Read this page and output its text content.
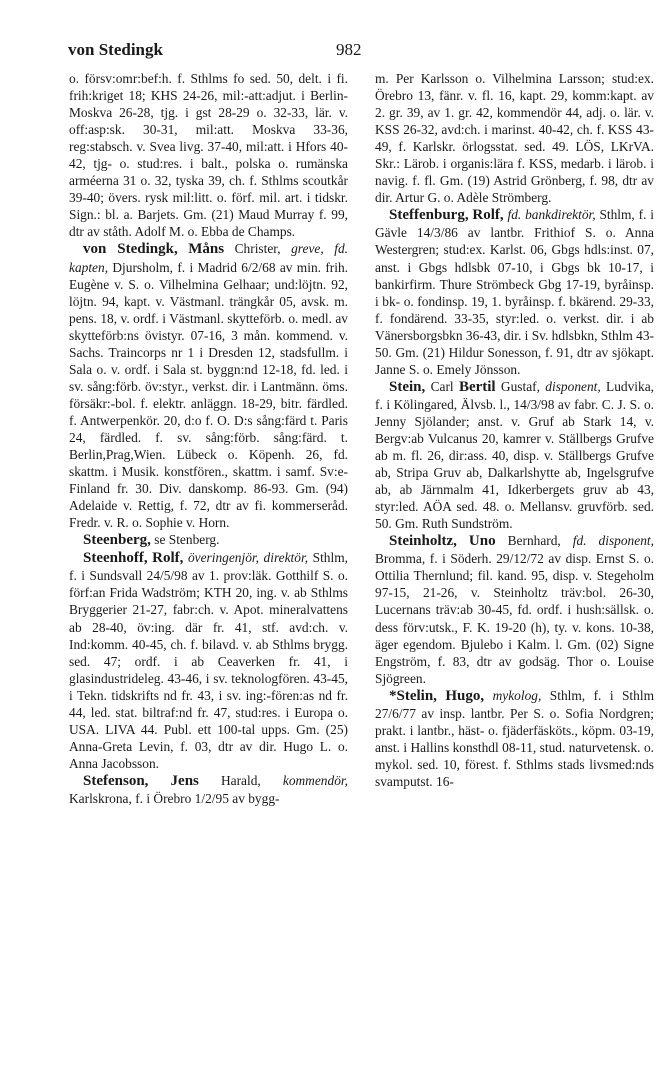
von Stedingk	982

o. försv:omr:bef:h. f. Sthlms fo sed. 50, delt. i fi. frih:kriget 18; KHS 24-26, mil:-att:adjut. i Berlin-Moskva 26-28, tjg. i gst 28-29 o. 32-33, lär. v. off:asp:sk. 30-31, mil:att. Moskva 33-36, reg:stabsch. v. Svea livg. 37-40, mil:att. i Hfors 40-42, tjg- o. stud:res. i balt., polska o. rumänska arméerna 31 o. 32, tyska 39, ch. f. Sthlms scoutkår 39-40; övers. rysk mil:litt. o. förf. mil. art. i tidskr. Sign.: bl. a. Barjets. Gm. (21) Maud Murray f. 99, dtr av ståth. Adolf M. o. Ebba de Champs.

von Stedingk, Måns Christer, greve, fd. kapten, Djursholm, f. i Madrid 6/2/68 av min. frih. Eugène v. S. o. Vilhelmina Gelhaar; und:löjtn. 92, löjtn. 94, kapt. v. Västmanl. trängkår 05, avsk. m. pens. 18, v. ordf. i Västmanl. skytteförb. o. medl. av skytteförb:ns övistyr. 07-16, 3 mån. kommend. v. Sachs. Traincorps nr 1 i Dresden 12, stadsfullm. i Sala o. v. ordf. i Sala st. byggn:nd 12-18, fd. led. i sv. sång:förb. öv:styr., verkst. dir. i Lantmänn. öms. försäkr:-bol. f. elektr. anläggn. 18-29, bitr. färdled. f. Antwerpenkör. 20, d:o f. O. D:s sång:färd t. Paris 24, färdled. f. sv. sång:förb. sång:färd. t. Berlin,Prag,Wien. Lübeck o. Köpenh. 26, fd. skattm. i Musik. konstfören., skattm. i samf. Sv:e-Finland fr. 30. Div. danskomp. 86-93. Gm. (94) Adelaide v. Rettig, f. 72, dtr av fi. kommerseråd. Fredr. v. R. o. Sophie v. Horn.

Steenberg, se Stenberg.

Steenhoff, Rolf, överingenjör, direktör, Sthlm, f. i Sundsvall 24/5/98 av 1. prov:läk. Gotthilf S. o. förf:an Frida Wadström; KTH 20, ing. v. ab Sthlms Bryggerier 21-27, fabr:ch. v. Apot. mineralvattens ab 28-40, öv:ing. där fr. 41, stf. avd:ch. v. Ind:komm. 40-45, ch. f. bilavd. v. ab Sthlms brygg. sed. 47; ordf. i ab Ceaverken fr. 41, i glasindustrideleg. 43-46, i sv. teknologfören. 43-45, i Tekn. tidskrifts nd fr. 43, i sv. ing:-fören:as nd fr. 44, led. stat. biltraf:nd fr. 47, stud:res. i Europa o. USA. LIVA 44. Publ. ett 100-tal upps. Gm. (25) Anna-Greta Levin, f. 03, dtr av dir. Hugo L. o. Anna Jacobsson.

Stefenson, Jens Harald, kommendör, Karlskrona, f. i Örebro 1/2/95 av bygg-

m. Per Karlsson o. Vilhelmina Larsson; stud:ex. Örebro 13, fänr. v. fl. 16, kapt. 29, komm:kapt. av 2. gr. 39, av 1. gr. 42, kommendör 44, adj. o. lär. v. KSS 26-32, avd:ch. i marinst. 40-42, ch. f. KSS 43-49, f. Karlskr. örlogsstat. sed. 49. LÖS, LKrVA. Skr.: Lärob. i organis:lära f. KSS, medarb. i lärob. i navig. f. fl. Gm. (19) Astrid Grönberg, f. 98, dtr av dir. Artur G. o. Adèle Strömberg.

Steffenburg, Rolf, fd. bankdirektör, Sthlm, f. i Gävle 14/3/86 av lantbr. Frithiof S. o. Anna Westergren; stud:ex. Karlst. 06, Gbgs hdls:inst. 07, anst. i Gbgs hdlsbk 07-10, i Gbgs bk 10-17, i bankirfirm. Thure Strömbeck Gbg 17-19, byråinsp. i bk- o. fondinsp. 19, 1. byråinsp. f. bkärend. 29-33, f. fondärend. 33-35, styr:led. o. verkst. dir. i ab Vänersborgsbkn 36-43, dir. i Sv. hdlsbkn, Sthlm 43-50. Gm. (21) Hildur Sonesson, f. 91, dtr av sjökapt. Janne S. o. Emely Jönsson.

Stein, Carl Bertil Gustaf, disponent, Ludvika, f. i Kölingared, Älvsb. l., 14/3/98 av fabr. C. J. S. o. Jenny Sjölander; anst. v. Gruf ab Stark 14, v. Bergv:ab Vulcanus 20, kamrer v. Ställbergs Grufve ab m. fl. 26, dir:ass. 40, disp. v. Ställbergs Grufve ab, Stripa Gruv ab, Dalkarlshytte ab, Ingelsgrufve ab, ab Järnmalm 41, Idkerbergets gruv ab 43, styr:led. AÖA sed. 48. o. Mellansv. gruvförb. sed. 50. Gm. Ruth Sundström.

Steinholtz, Uno Bernhard, fd. disponent, Bromma, f. i Söderh. 29/12/72 av disp. Ernst S. o. Ottilia Thernlund; fil. kand. 95, disp. v. Stegeholm 97-15, 21-26, v. Steinholtz träv:bol. 26-30, Lucernans träv:ab 30-45, fd. ordf. i hush:sällsk. o. dess förv:utsk., F. K. 19-20 (h), ty. v. kons. 10-38, äger egendom. Bjulebo i Kalm. l. Gm. (02) Signe Engström, f. 83, dtr av godsäg. Thor o. Louise Sjögreen.

*Stelin, Hugo, mykolog, Sthlm, f. i Sthlm 27/6/77 av insp. lantbr. Per S. o. Sofia Nordgren; prakt. i lantbr., häst- o. fjäderfäsköts., köpm. 03-19, anst. i Hallins konsthdl 08-11, stud. naturvetensk. o. mykol. sed. 10, förest. f. Sthlms stads livsmed:nds svamputst. 16-
